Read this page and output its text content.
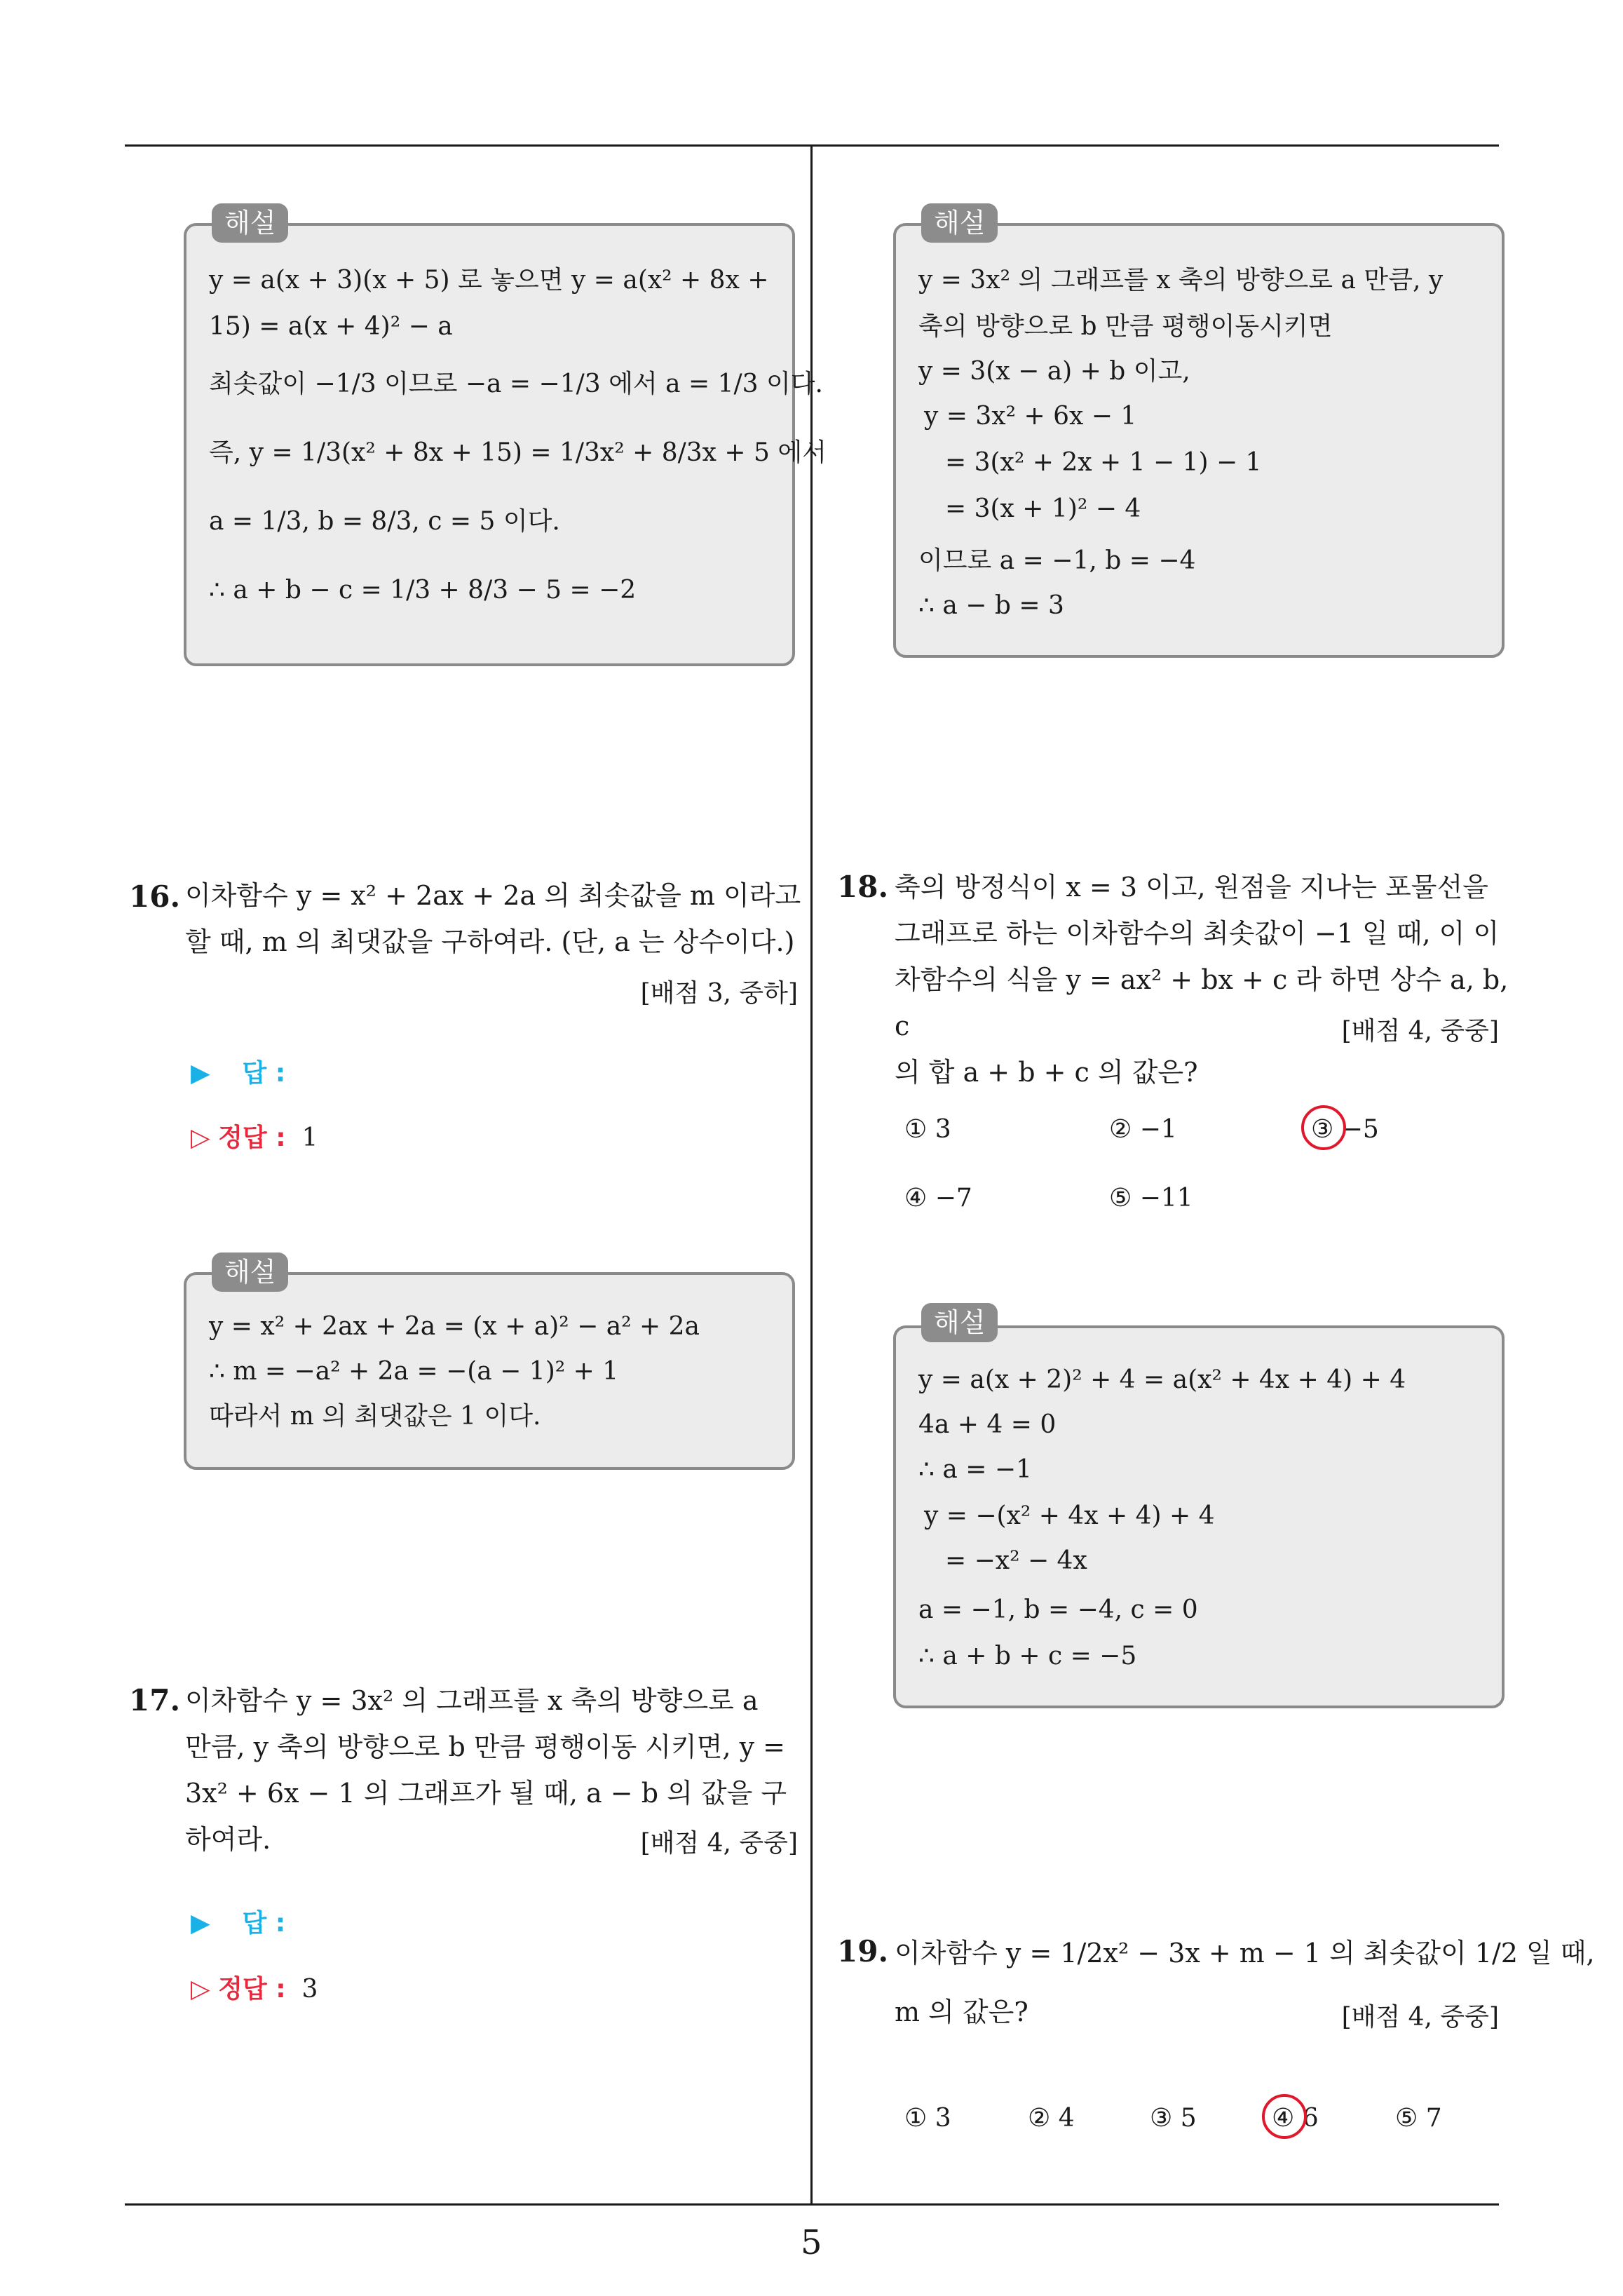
y = a(x + 3)(x + 5) 로 놓으면 y = a(x² + 8x +
15) = a(x + 4)² − a
최솟값이 −1/3 이므로 −a = −1/3 에서 a = 1/3 이다.
즉, y = 1/3(x² + 8x + 15) = 1/3x² + 8/3x + 5 에서
a = 1/3, b = 8/3, c = 5 이다.
∴ a + b − c = 1/3 + 8/3 − 5 = −2
해설
y = 3x² 의 그래프를 x 축의 방향으로 a 만큼, y
축의 방향으로 b 만큼 평행이동시키면
y = 3(x − a) + b 이고,
y = 3x² + 6x − 1
= 3(x² + 2x + 1 − 1) − 1
= 3(x + 1)² − 4
이므로 a = −1, b = −4
∴ a − b = 3
해설
16. 이차함수 y = x² + 2ax + 2a 의 최솟값을 m 이라고
할 때, m 의 최댓값을 구하여라. (단, a 는 상수이다.)
[배점 3, 중하]
▶ 답 :
▷ 정답 : 1
y = x² + 2ax + 2a = (x + a)² − a² + 2a
∴ m = −a² + 2a = −(a − 1)² + 1
따라서 m 의 최댓값은 1 이다.
해설
17. 이차함수 y = 3x² 의 그래프를 x 축의 방향으로 a
만큼, y 축의 방향으로 b 만큼 평행이동 시키면, y =
3x² + 6x − 1 의 그래프가 될 때, a − b 의 값을 구하여라.	[배점 4, 중중]
▶ 답 :
▷ 정답 : 3
18. 축의 방정식이 x = 3 이고, 원점을 지나는 포물선을
그래프로 하는 이차함수의 최솟값이 −1 일 때, 이 이
차함수의 식을 y = ax² + bx + c 라 하면 상수 a, b, c
의 합 a + b + c 의 값은?
[배점 4, 중중]
① 3	② −1	③ −5
④ −7	⑤ −11
y = a(x + 2)² + 4 = a(x² + 4x + 4) + 4
4a + 4 = 0
∴ a = −1
y = −(x² + 4x + 4) + 4
= −x² − 4x
a = −1, b = −4, c = 0
∴ a + b + c = −5
해설
19. 이차함수 y = 1/2x² − 3x + m − 1 의 최솟값이 1/2 일 때,
m 의 값은?	[배점 4, 중중]
① 3	② 4	③ 5	④ 6	⑤ 7
5
